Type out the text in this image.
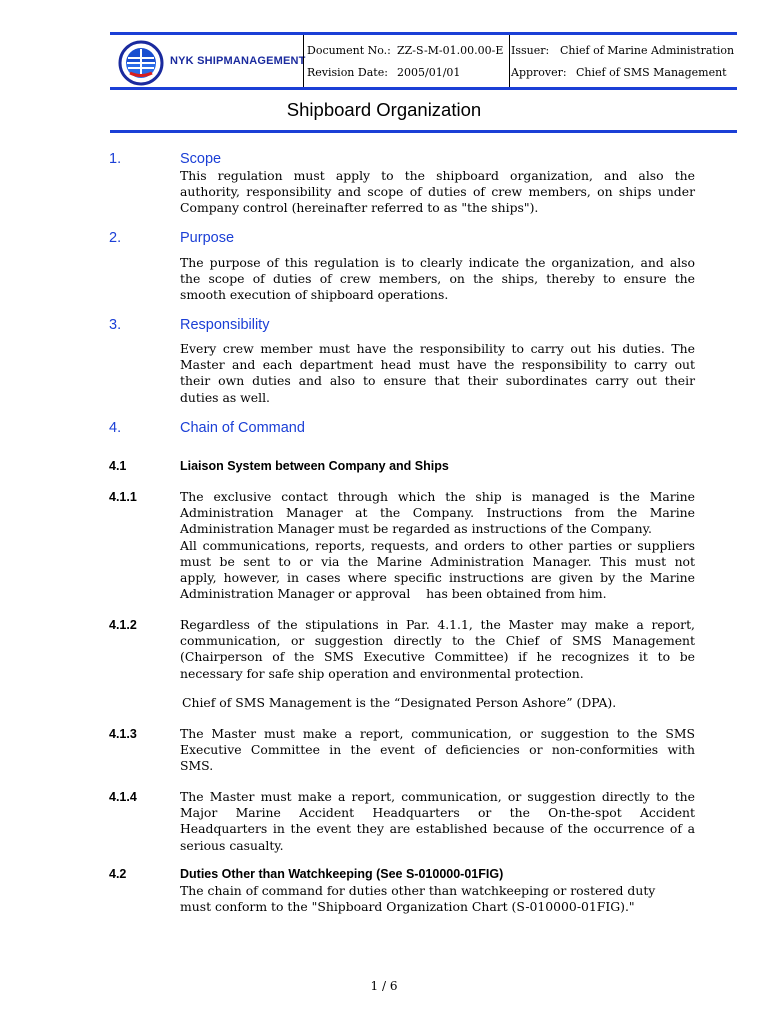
NYK SHIPMANAGEMENT
Document No.: ZZ-S-M-01.00.00-E
Revision Date: 2005/01/01
Issuer: Chief of Marine Administration
Approver: Chief of SMS Management
Shipboard Organization
1.	Scope
This regulation must apply to the shipboard organization, and also the
authority, responsibility and scope of duties of crew members, on ships under
Company control (hereinafter referred to as "the ships").
2.	Purpose
The purpose of this regulation is to clearly indicate the organization, and also
the scope of duties of crew members, on the ships, thereby to ensure the
smooth execution of shipboard operations.
3.	Responsibility
Every crew member must have the responsibility to carry out his duties. The
Master and each department head must have the responsibility to carry out
their own duties and also to ensure that their subordinates carry out their
duties as well.
4.	Chain of Command
4.1	Liaison System between Company and Ships
4.1.1	The exclusive contact through which the ship is managed is the Marine
Administration Manager at the Company. Instructions from the Marine
Administration Manager must be regarded as instructions of the Company.
All communications, reports, requests, and orders to other parties or suppliers
must be sent to or via the Marine Administration Manager. This must not
apply, however, in cases where specific instructions are given by the Marine
Administration Manager or approval    has been obtained from him.
4.1.2	Regardless of the stipulations in Par. 4.1.1, the Master may make a report,
communication, or suggestion directly to the Chief of SMS Management
(Chairperson of the SMS Executive Committee) if he recognizes it to be
necessary for safe ship operation and environmental protection.
Chief of SMS Management is the “Designated Person Ashore” (DPA).
4.1.3	The Master must make a report, communication, or suggestion to the SMS
Executive Committee in the event of deficiencies or non-conformities with
SMS.
4.1.4	The Master must make a report, communication, or suggestion directly to the
Major Marine Accident Headquarters or the On-the-spot Accident
Headquarters in the event they are established because of the occurrence of a
serious casualty.
4.2	Duties Other than Watchkeeping (See S-010000-01FIG)
The chain of command for duties other than watchkeeping or rostered duty
must conform to the "Shipboard Organization Chart (S-010000-01FIG)."
1 / 6
